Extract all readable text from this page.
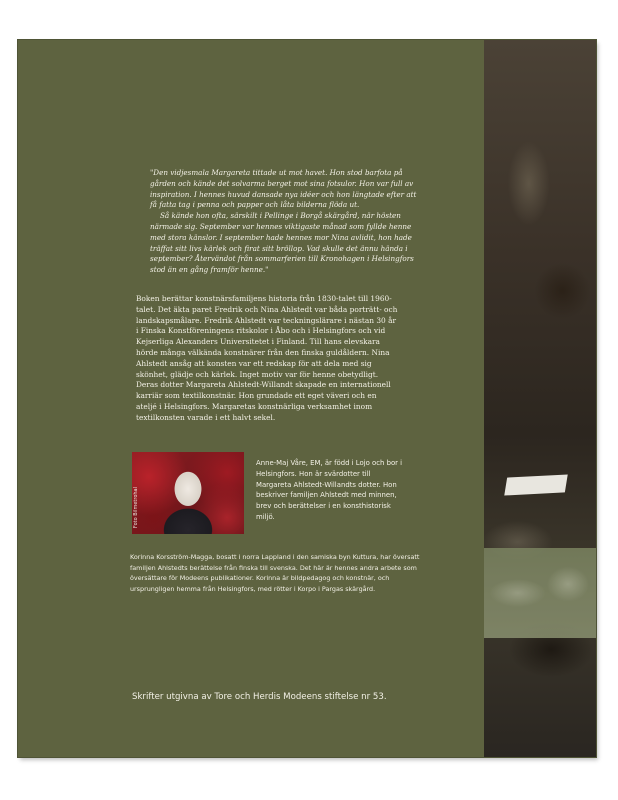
"Den vidjesmala Margareta tittade ut mot havet. Hon stod barfota på gården och kände det solvarma berget mot sina fotsulor. Hon var full av inspiration. I hennes huvud dansade nya idéer och hon längtade efter att få fatta tag i penna och papper och låta bilderna flöda ut.

Så kände hon ofta, särskilt i Pellinge i Borgå skärgård, när hösten närmade sig. September var hennes viktigaste månad som fyllde henne med stora känslor. I september hade hennes mor Nina avlidit, hon hade träffat sitt livs kärlek och firat sitt bröllop. Vad skulle det ännu hända i september? Återvändot från sommarferien till Kronohagen i Helsingfors stod än en gång framför henne."

Boken berättar konstnärsfamiljens historia från 1830-talet till 1960-talet. Det äkta paret Fredrik och Nina Ahlstedt var båda porträtt- och landskapsmålare. Fredrik Ahlstedt var teckningslärare i nästan 30 år i Finska Konstföreningens ritskolor i Åbo och i Helsingfors och vid Kejserliga Alexanders Universitetet i Finland. Till hans elevskara hörde många välkända konstnärer från den finska guldåldern. Nina Ahlstedt ansåg att konsten var ett redskap för att dela med sig skönhet, glädje och kärlek. Inget motiv var för henne obetydligt. Deras dotter Margareta Ahlstedt-Willandt skapade en internationell karriär som textilkonstnär. Hon grundade ett eget väveri och en ateljé i Helsingfors. Margaretas konstnärliga verksamhet inom textilkonsten varade i ett halvt sekel.
Foto Bilmetrohal
Anne-Maj Våre, EM, är född i Lojo och bor i Helsingfors. Hon är svärdotter till Margareta Ahlstedt-Willandts dotter. Hon beskriver familjen Ahlstedt med minnen, brev och berättelser i en konsthistorisk miljö.
Korinna Korsström-Magga, bosatt i norra Lappland i den samiska byn Kuttura, har översatt familjen Ahlstedts berättelse från finska till svenska. Det här är hennes andra arbete som översättare för Modeens publikationer. Korinna är bildpedagog och konstnär, och ursprungligen hemma från Helsingfors, med rötter i Korpo i Pargas skärgård.
Skrifter utgivna av Tore och Herdis Modeens stiftelse nr 53.
